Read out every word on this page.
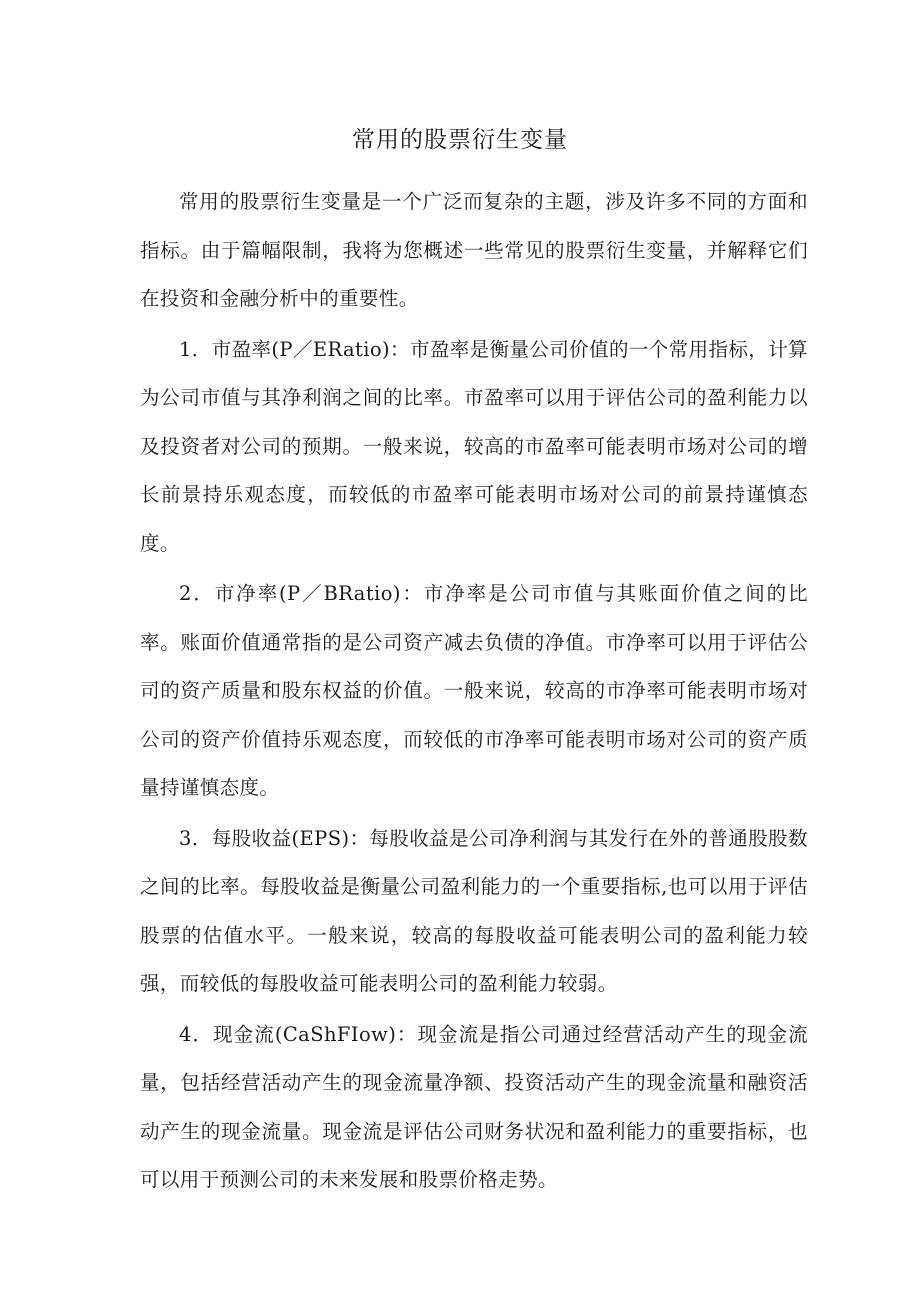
常用的股票衍生变量

常用的股票衍生变量是一个广泛而复杂的主题，涉及许多不同的方面和指标。由于篇幅限制，我将为您概述一些常见的股票衍生变量，并解释它们在投资和金融分析中的重要性。

1．市盈率(P／ERatio)：市盈率是衡量公司价值的一个常用指标，计算为公司市值与其净利润之间的比率。市盈率可以用于评估公司的盈利能力以及投资者对公司的预期。一般来说，较高的市盈率可能表明市场对公司的增长前景持乐观态度，而较低的市盈率可能表明市场对公司的前景持谨慎态度。

2．市净率(P／BRatio)：市净率是公司市值与其账面价值之间的比率。账面价值通常指的是公司资产减去负债的净值。市净率可以用于评估公司的资产质量和股东权益的价值。一般来说，较高的市净率可能表明市场对公司的资产价值持乐观态度，而较低的市净率可能表明市场对公司的资产质量持谨慎态度。

3．每股收益(EPS)：每股收益是公司净利润与其发行在外的普通股股数之间的比率。每股收益是衡量公司盈利能力的一个重要指标,也可以用于评估股票的估值水平。一般来说，较高的每股收益可能表明公司的盈利能力较强，而较低的每股收益可能表明公司的盈利能力较弱。

4．现金流(CaShFIow)：现金流是指公司通过经营活动产生的现金流量，包括经营活动产生的现金流量净额、投资活动产生的现金流量和融资活动产生的现金流量。现金流是评估公司财务状况和盈利能力的重要指标，也可以用于预测公司的未来发展和股票价格走势。
